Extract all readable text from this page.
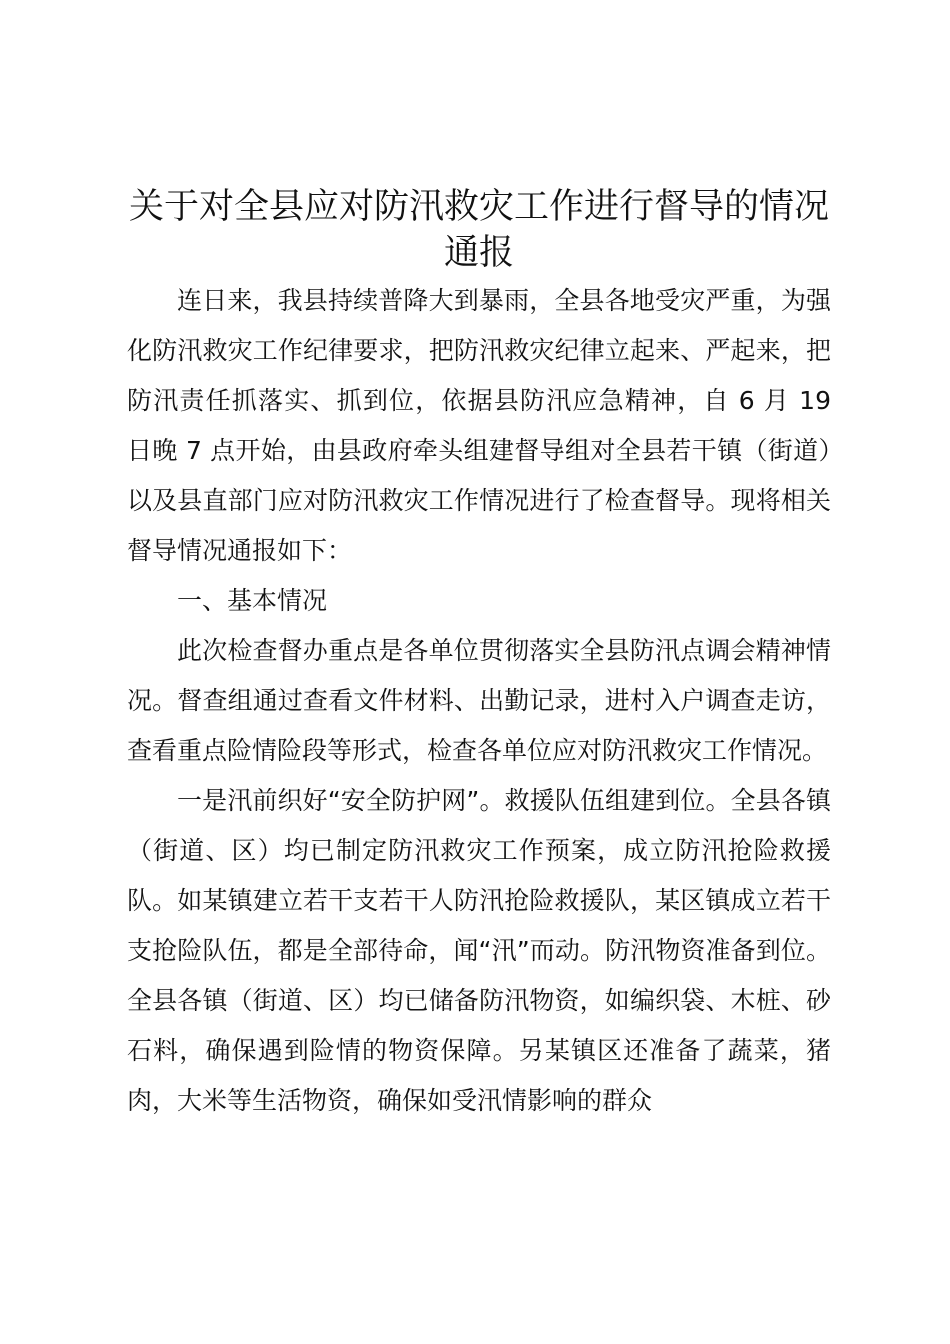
关于对全县应对防汛救灾工作进行督导的情况通报

连日来，我县持续普降大到暴雨，全县各地受灾严重，为强化防汛救灾工作纪律要求，把防汛救灾纪律立起来、严起来，把防汛责任抓落实、抓到位，依据县防汛应急精神，自 6 月 19 日晚 7 点开始，由县政府牵头组建督导组对全县若干镇（街道）以及县直部门应对防汛救灾工作情况进行了检查督导。现将相关督导情况通报如下：

一、基本情况

此次检查督办重点是各单位贯彻落实全县防汛点调会精神情况。督查组通过查看文件材料、出勤记录，进村入户调查走访，查看重点险情险段等形式，检查各单位应对防汛救灾工作情况。

一是汛前织好“安全防护网”。救援队伍组建到位。全县各镇（街道、区）均已制定防汛救灾工作预案，成立防汛抢险救援队。如某镇建立若干支若干人防汛抢险救援队，某区镇成立若干支抢险队伍，都是全部待命，闻“汛”而动。防汛物资准备到位。全县各镇（街道、区）均已储备防汛物资，如编织袋、木桩、砂石料，确保遇到险情的物资保障。另某镇区还准备了蔬菜，猪肉，大米等生活物资，确保如受汛情影响的群众
